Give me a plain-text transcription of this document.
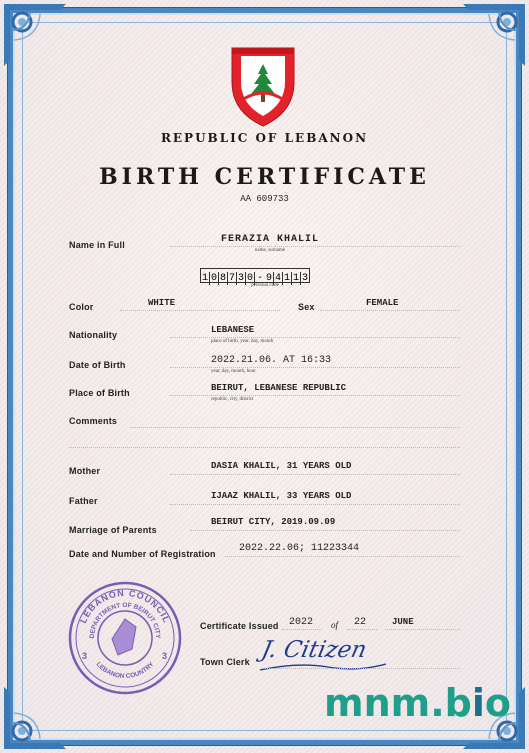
REPUBLIC OF LEBANON
BIRTH CERTIFICATE
AA 609733
Name in Full	FERAZIA KHALIL
name, surname
1 0 8 7 3 0 - 9 4 1 1 3
personal code
Color	WHITE	Sex	FEMALE
Nationality	LEBANESE
place of birth, year, day, month
Date of Birth	2022.21.06. AT 16:33
year, day, month, hour
Place of Birth	BEIRUT, LEBANESE REPUBLIC
republic, city, district
Comments
Mother	DASIA KHALIL, 31 YEARS OLD
Father	IJAAZ KHALIL, 33 YEARS OLD
Marriage of Parents
BEIRUT CITY, 2019.09.09
Date and Number of Registration 2022.22.06; 11223344
LEBANON COUNCIL
DEPARTMENT OF BEIRUT CITY
LEBANON COUNTRY
3	3
Certificate Issued 2022 of 22	JUNE
Town Clerk J. Citizen
mnm.bio
